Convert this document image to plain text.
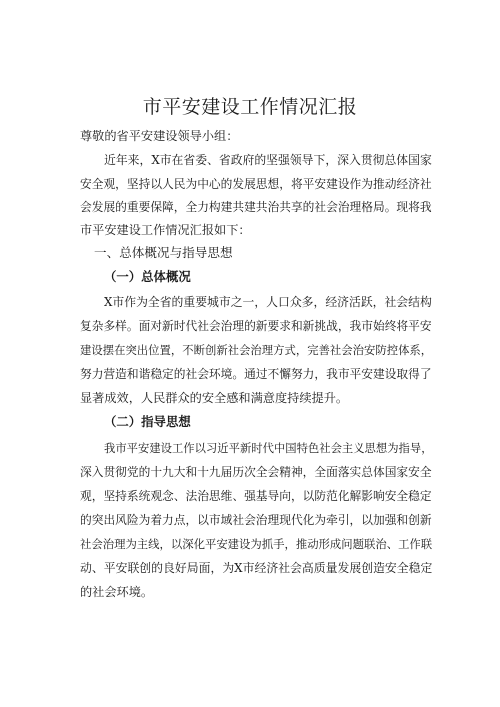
市平安建设工作情况汇报
尊敬的省平安建设领导小组：
近年来，X市在省委、省政府的坚强领导下，深入贯彻总体国家
安全观，坚持以人民为中心的发展思想，将平安建设作为推动经济社
会发展的重要保障，全力构建共建共治共享的社会治理格局。现将我
市平安建设工作情况汇报如下：
一、总体概况与指导思想
（一）总体概况
X市作为全省的重要城市之一，人口众多，经济活跃，社会结构
复杂多样。面对新时代社会治理的新要求和新挑战，我市始终将平安
建设摆在突出位置，不断创新社会治理方式，完善社会治安防控体系，
努力营造和谐稳定的社会环境。通过不懈努力，我市平安建设取得了
显著成效，人民群众的安全感和满意度持续提升。
（二）指导思想
我市平安建设工作以习近平新时代中国特色社会主义思想为指导，
深入贯彻党的十九大和十九届历次全会精神，全面落实总体国家安全
观，坚持系统观念、法治思维、强基导向，以防范化解影响安全稳定
的突出风险为着力点，以市域社会治理现代化为牵引，以加强和创新
社会治理为主线，以深化平安建设为抓手，推动形成问题联治、工作联
动、平安联创的良好局面，为X市经济社会高质量发展创造安全稳定
的社会环境。
